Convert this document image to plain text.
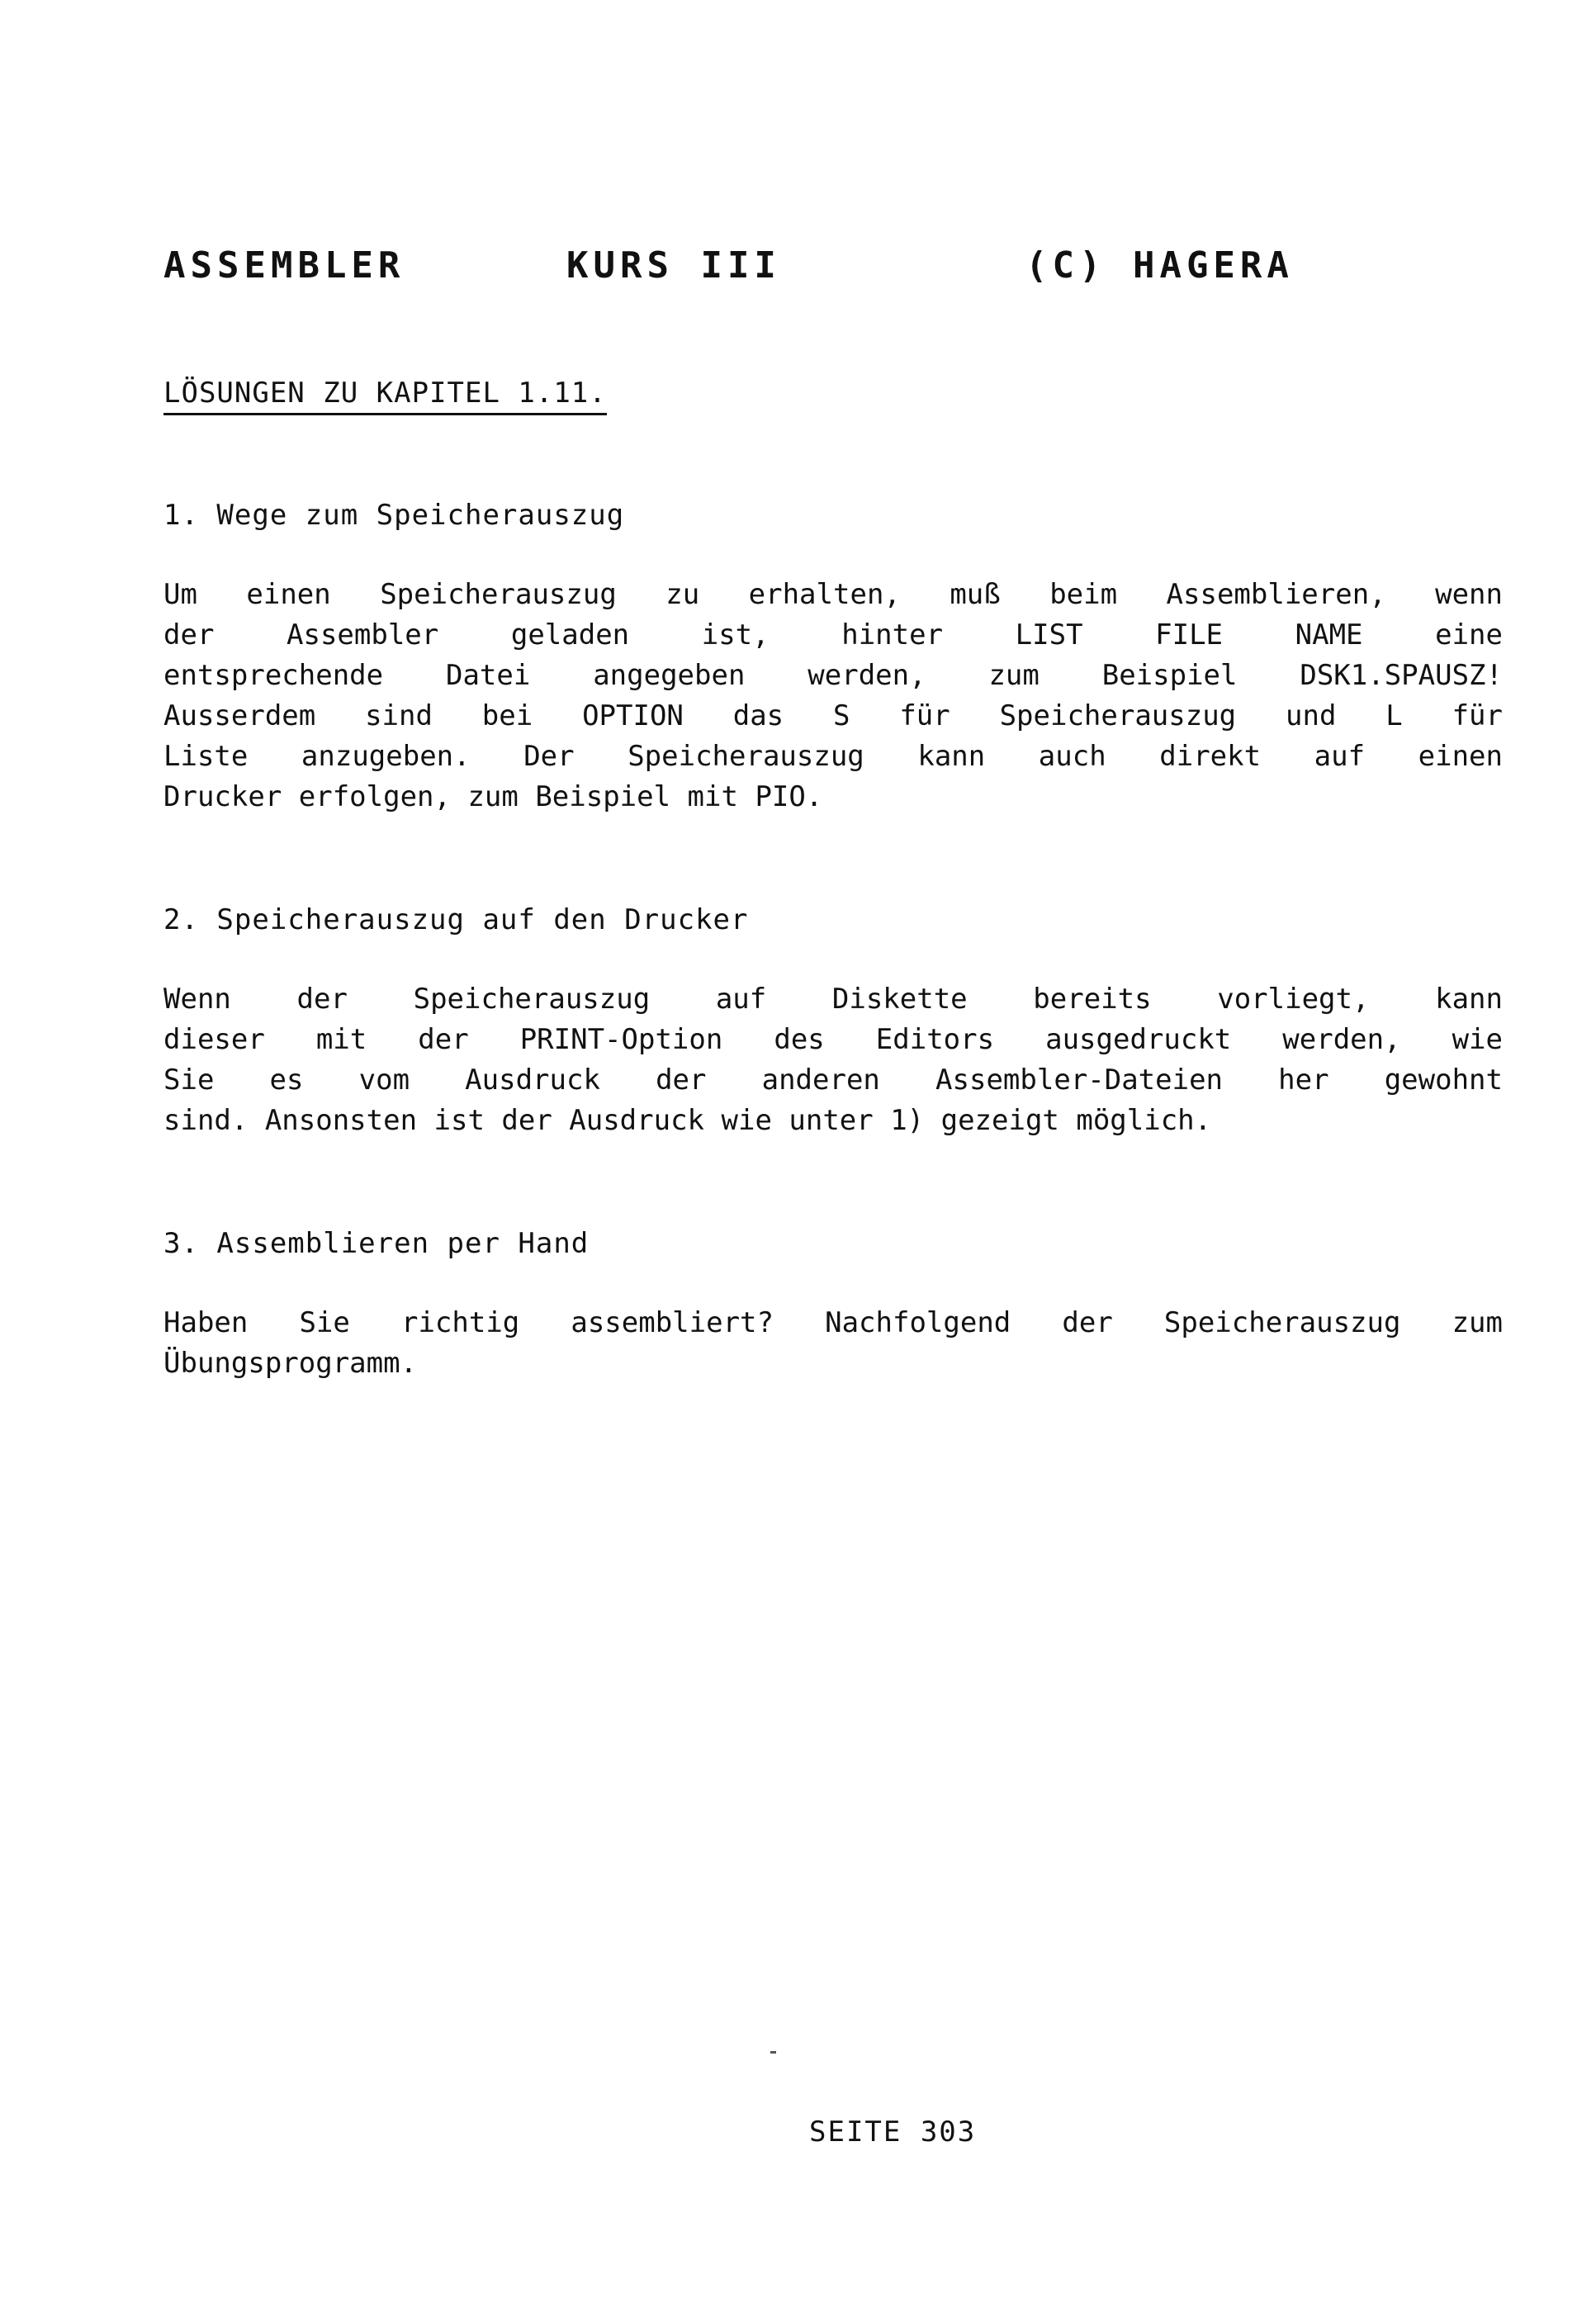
ASSEMBLER	KURS III	(C) HAGERA
LÖSUNGEN ZU KAPITEL 1.11.
1. Wege zum Speicherauszug
Um einen Speicherauszug zu erhalten, muß beim Assemblieren, wenn
der Assembler geladen ist, hinter LIST FILE NAME eine
entsprechende Datei angegeben werden, zum Beispiel DSK1.SPAUSZ!
Ausserdem sind bei OPTION das S für Speicherauszug und L für
Liste anzugeben. Der Speicherauszug kann auch direkt auf einen
Drucker erfolgen, zum Beispiel mit PIO.
2. Speicherauszug auf den Drucker
Wenn der Speicherauszug auf Diskette bereits vorliegt, kann
dieser mit der PRINT-Option des Editors ausgedruckt werden, wie
Sie es vom Ausdruck der anderen Assembler-Dateien her gewohnt
sind. Ansonsten ist der Ausdruck wie unter 1) gezeigt möglich.
3. Assemblieren per Hand
Haben Sie richtig assembliert? Nachfolgend der Speicherauszug zum
Übungsprogramm.
SEITE 303
